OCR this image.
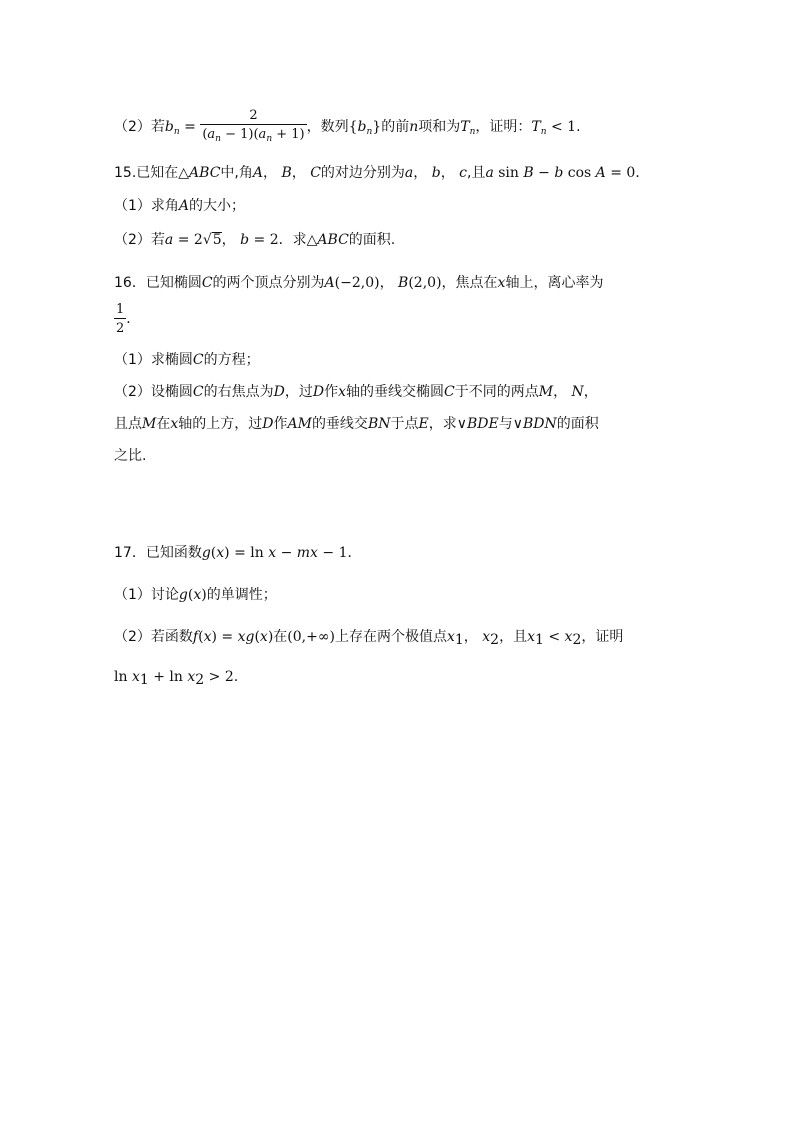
（2）若$b_n = \frac{2}{(a_n - 1)(a_n + 1)}$ ，数列$\{b_n\}$的前n项和为$T_n$，证明：$T_n < 1$.
15.已知在△ABC中,角A， B， C的对边分别为a， b， c,且a sin B − b cos A = 0．
（1）求角A的大小；
（2）若a = 2√5， b = 2．求△ABC的面积.
16．已知椭圆C的两个顶点分别为A(−2,0)， B(2,0)，焦点在x轴上，离心率为
$\frac{1}{2}$ ．
（1）求椭圆C的方程；
（2）设椭圆C的右焦点为D，过D作x轴的垂线交椭圆C于不同的两点M， N，
且点M在x轴的上方，过D作AM的垂线交BN于点E，求∨BDE与∨BDN的面积
之比.
17．已知函数g(x) = ln x − mx − 1．
（1）讨论g(x)的单调性；
（2）若函数f(x) = xg(x)在(0,+∞)上存在两个极值点$x_1$， $x_2$，且$x_1 < x_2$，证明
$\ln x_1 + \ln x_2 > 2$.
